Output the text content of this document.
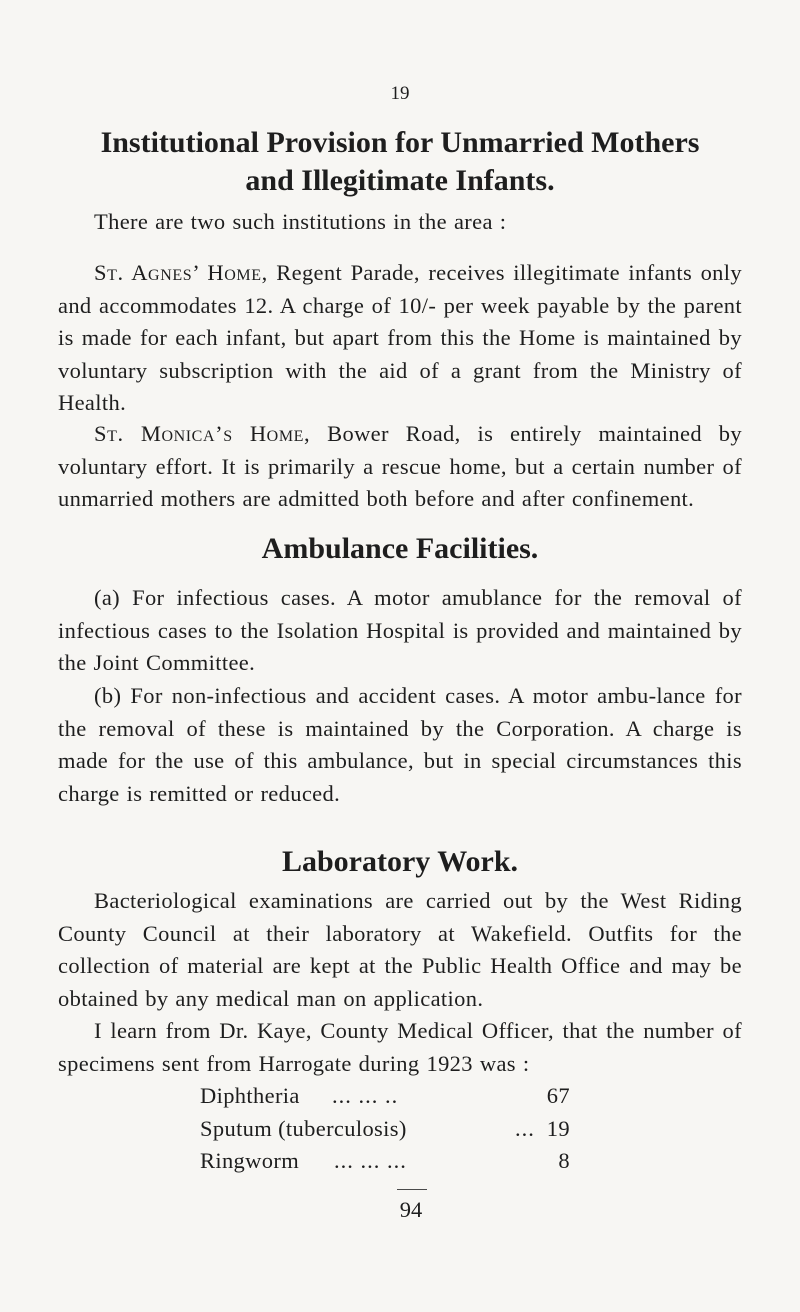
19
Institutional Provision for Unmarried Mothers
and Illegitimate Infants.
There are two such institutions in the area :
St. Agnes’ Home, Regent Parade, receives illegitimate infants only and accommodates 12. A charge of 10/- per week payable by the parent is made for each infant, but apart from this the Home is maintained by voluntary subscription with the aid of a grant from the Ministry of Health.
St. Monica’s Home, Bower Road, is entirely maintained by voluntary effort. It is primarily a rescue home, but a certain number of unmarried mothers are admitted both before and after confinement.
Ambulance Facilities.
(a) For infectious cases. A motor amublance for the removal of infectious cases to the Isolation Hospital is provided and maintained by the Joint Committee.
(b) For non-infectious and accident cases. A motor ambu-lance for the removal of these is maintained by the Corporation. A charge is made for the use of this ambulance, but in special circumstances this charge is remitted or reduced.
Laboratory Work.
Bacteriological examinations are carried out by the West Riding County Council at their laboratory at Wakefield. Outfits for the collection of material are kept at the Public Health Office and may be obtained by any medical man on application.
I learn from Dr. Kaye, County Medical Officer, that the number of specimens sent from Harrogate during 1923 was :
Diphtheria ... ... ..	67
Sputum (tuberculosis)	... 19
Ringworm ... ... ...	8
94
